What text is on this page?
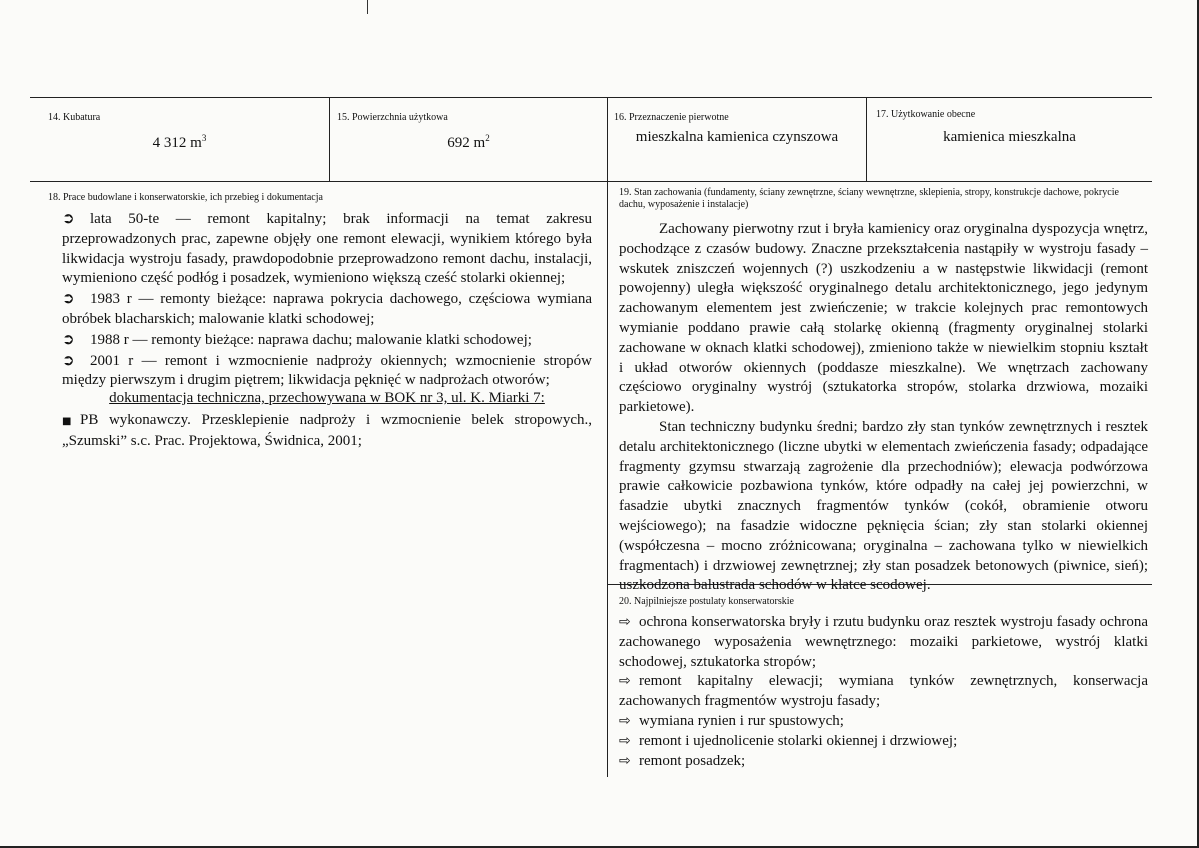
14. Kubatura
4 312 $m^3$
15. Powierzchnia użytkowa
692 $m^2$
16. Przeznaczenie pierwotne
mieszkalna kamienica czynszowa
17. Użytkowanie obecne
kamienica mieszkalna
18. Prace budowlane i konserwatorskie, ich przebieg i dokumentacja
➲ lata 50-te — remont kapitalny; brak informacji na temat zakresu przeprowadzonych prac, zapewne objęły one remont elewacji, wynikiem którego była likwidacja wystroju fasady, prawdopodobnie przeprowadzono remont dachu, instalacji, wymieniono część podłóg i posadzek, wymieniono większą cześć stolarki okiennej;
➲ 1983 r — remonty bieżące: naprawa pokrycia dachowego, częściowa wymiana obróbek blacharskich; malowanie klatki schodowej;
➲ 1988 r — remonty bieżące: naprawa dachu; malowanie klatki schodowej;
➲ 2001 r — remont i wzmocnienie nadproży okiennych; wzmocnienie stropów między pierwszym i drugim piętrem; likwidacja pęknięć w nadprożach otworów;
dokumentacja techniczna, przechowywana w BOK nr 3, ul. K. Miarki 7:
■ PB wykonawczy. Przesklepienie nadproży i wzmocnienie belek stropowych., „Szumski” s.c. Prac. Projektowa, Świdnica, 2001;
19. Stan zachowania (fundamenty, ściany zewnętrzne, ściany wewnętrzne, sklepienia, stropy, konstrukcje dachowe, pokrycie dachu, wyposażenie i instalacje)
Zachowany pierwotny rzut i bryła kamienicy oraz oryginalna dyspozycja wnętrz, pochodzące z czasów budowy. Znaczne przekształcenia nastąpiły w wystroju fasady – wskutek zniszczeń wojennych (?) uszkodzeniu a w następstwie likwidacji (remont powojenny) uległa większość oryginalnego detalu architektonicznego, jego jedynym zachowanym elementem jest zwieńczenie; w trakcie kolejnych prac remontowych wymianie poddano prawie całą stolarkę okienną (fragmenty oryginalnej stolarki zachowane w oknach klatki schodowej), zmieniono także w niewielkim stopniu kształt i układ otworów okiennych (poddasze mieszkalne). We wnętrzach zachowany częściowo oryginalny wystrój (sztukatorka stropów, stolarka drzwiowa, mozaiki parkietowe).
Stan techniczny budynku średni; bardzo zły stan tynków zewnętrznych i resztek detalu architektonicznego (liczne ubytki w elementach zwieńczenia fasady; odpadające fragmenty gzymsu stwarzają zagrożenie dla przechodniów); elewacja podwórzowa prawie całkowicie pozbawiona tynków, które odpadły na całej jej powierzchni, w fasadzie ubytki znacznych fragmentów tynków (cokół, obramienie otworu wejściowego); na fasadzie widoczne pęknięcia ścian; zły stan stolarki okiennej (współczesna – mocno zróżnicowana; oryginalna – zachowana tylko w niewielkich fragmentach) i drzwiowej zewnętrznej; zły stan posadzek betonowych (piwnice, sień); uszkodzona balustrada schodów w klatce scodowej.
20. Najpilniejsze postulaty konserwatorskie
⇨ ochrona konserwatorska bryły i rzutu budynku oraz resztek wystroju fasady ochrona zachowanego wyposażenia wewnętrznego: mozaiki parkietowe, wystrój klatki schodowej, sztukatorka stropów;
⇨ remont kapitalny elewacji; wymiana tynków zewnętrznych, konserwacja zachowanych fragmentów wystroju fasady;
⇨ wymiana rynien i rur spustowych;
⇨ remont i ujednolicenie stolarki okiennej i drzwiowej;
⇨ remont posadzek;
